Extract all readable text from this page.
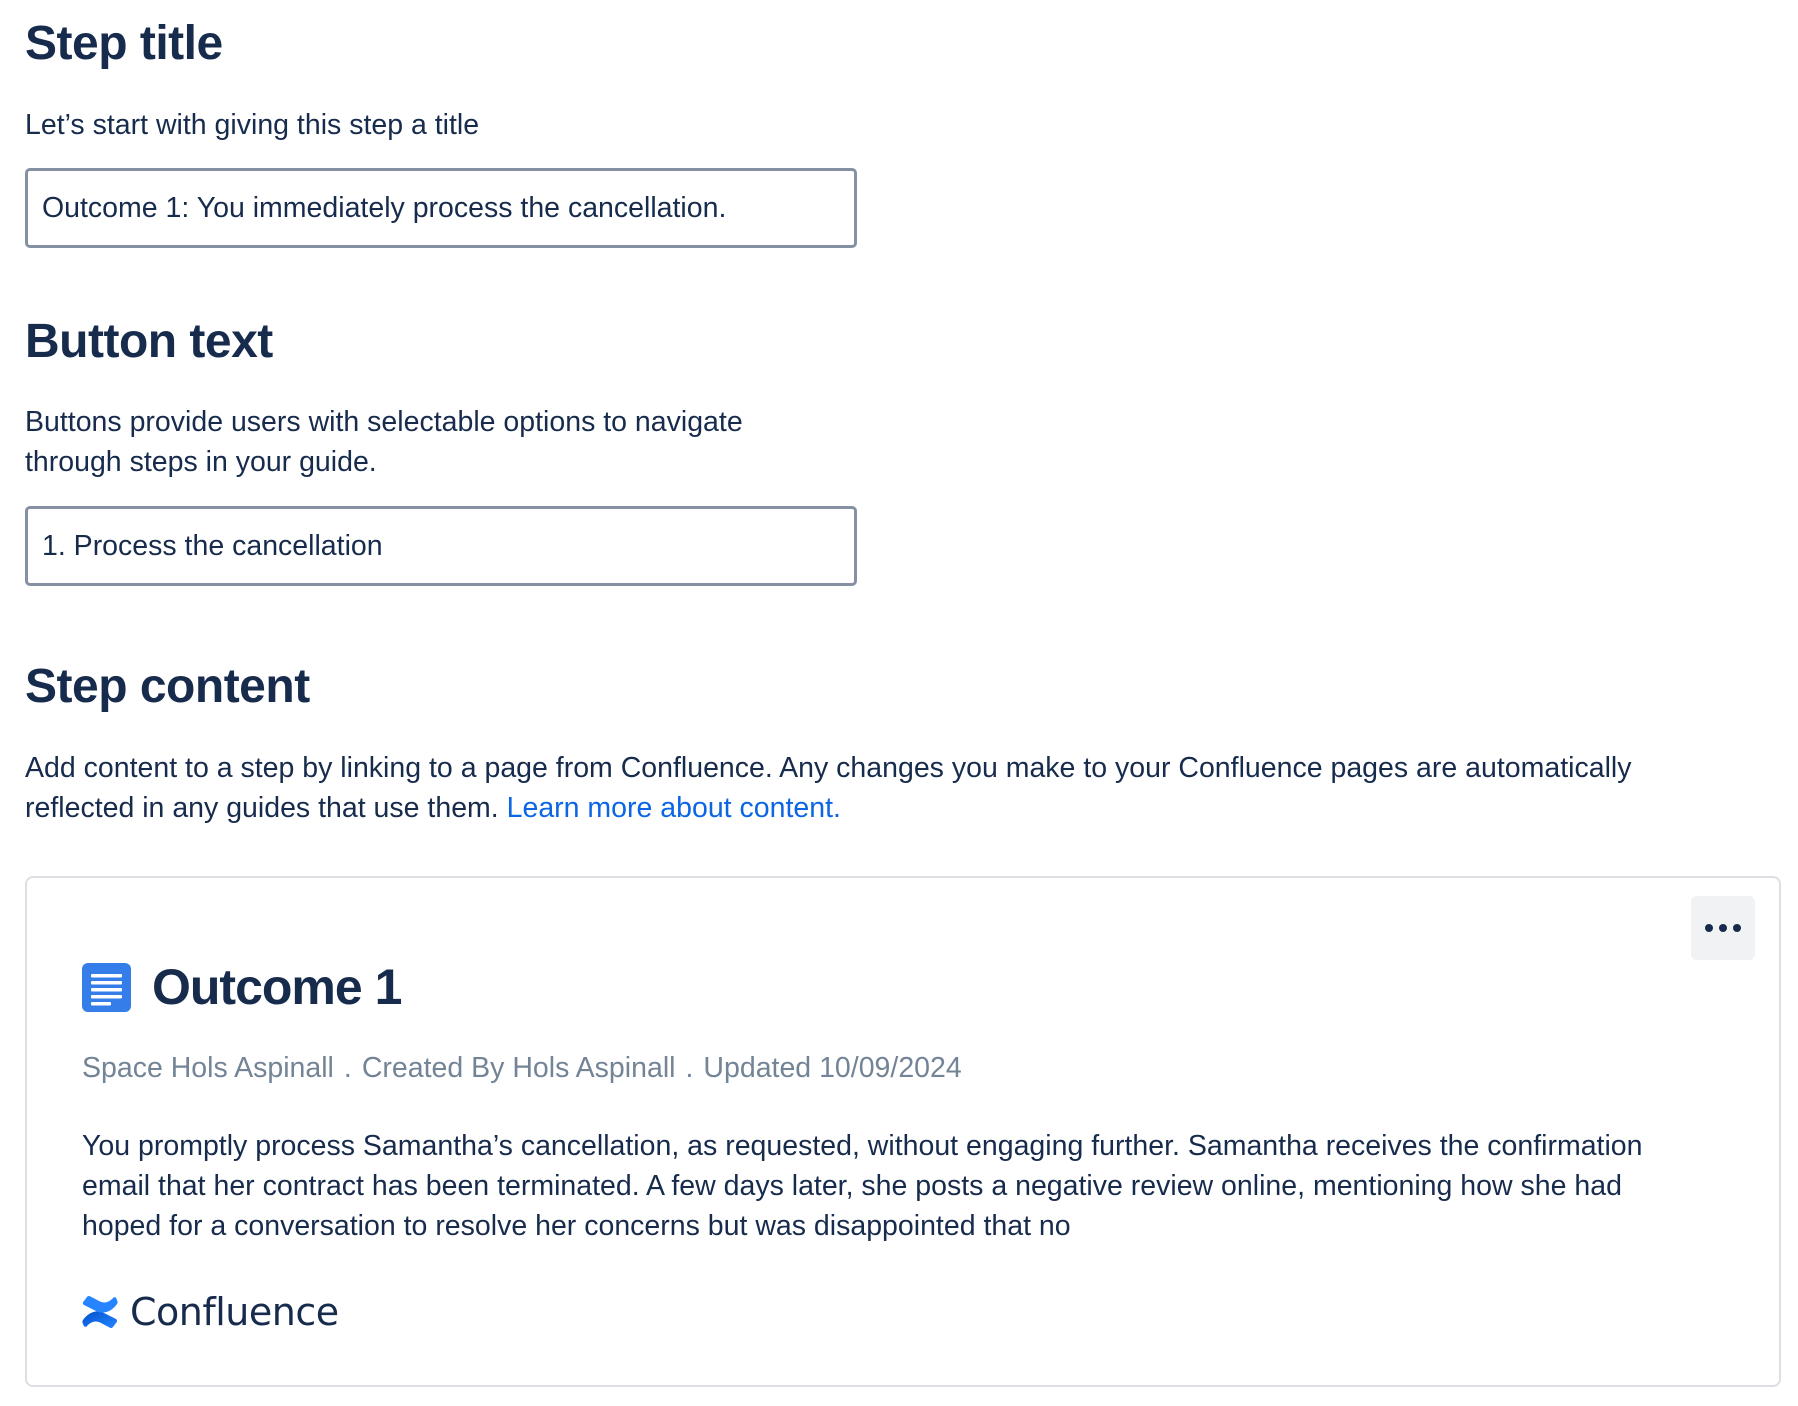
Step title

Let’s start with giving this step a title

Outcome 1: You immediately process the cancellation.
Button text

Buttons provide users with selectable options to navigate
through steps in your guide.

1. Process the cancellation
Step content

Add content to a step by linking to a page from Confluence. Any changes you make to your Confluence pages are automatically
reflected in any guides that use them. Learn more about content.

Outcome 1
Space Hols Aspinall . Created By Hols Aspinall . Updated 10/09/2024

You promptly process Samantha’s cancellation, as requested, without engaging further. Samantha receives the confirmation
email that her contract has been terminated. A few days later, she posts a negative review online, mentioning how she had
hoped for a conversation to resolve her concerns but was disappointed that no

Confluence
